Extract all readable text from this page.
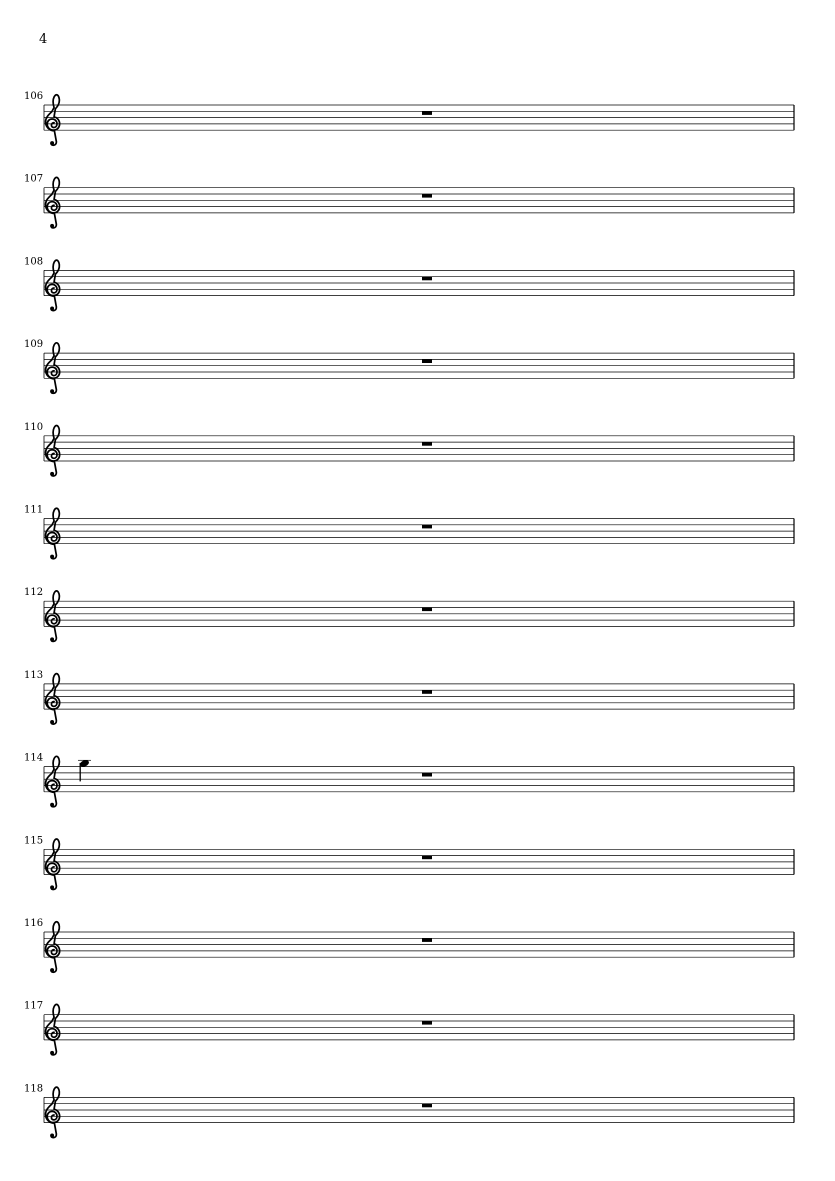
4
106
107
108
109
110
111
112
113
114
115
116
117
118
